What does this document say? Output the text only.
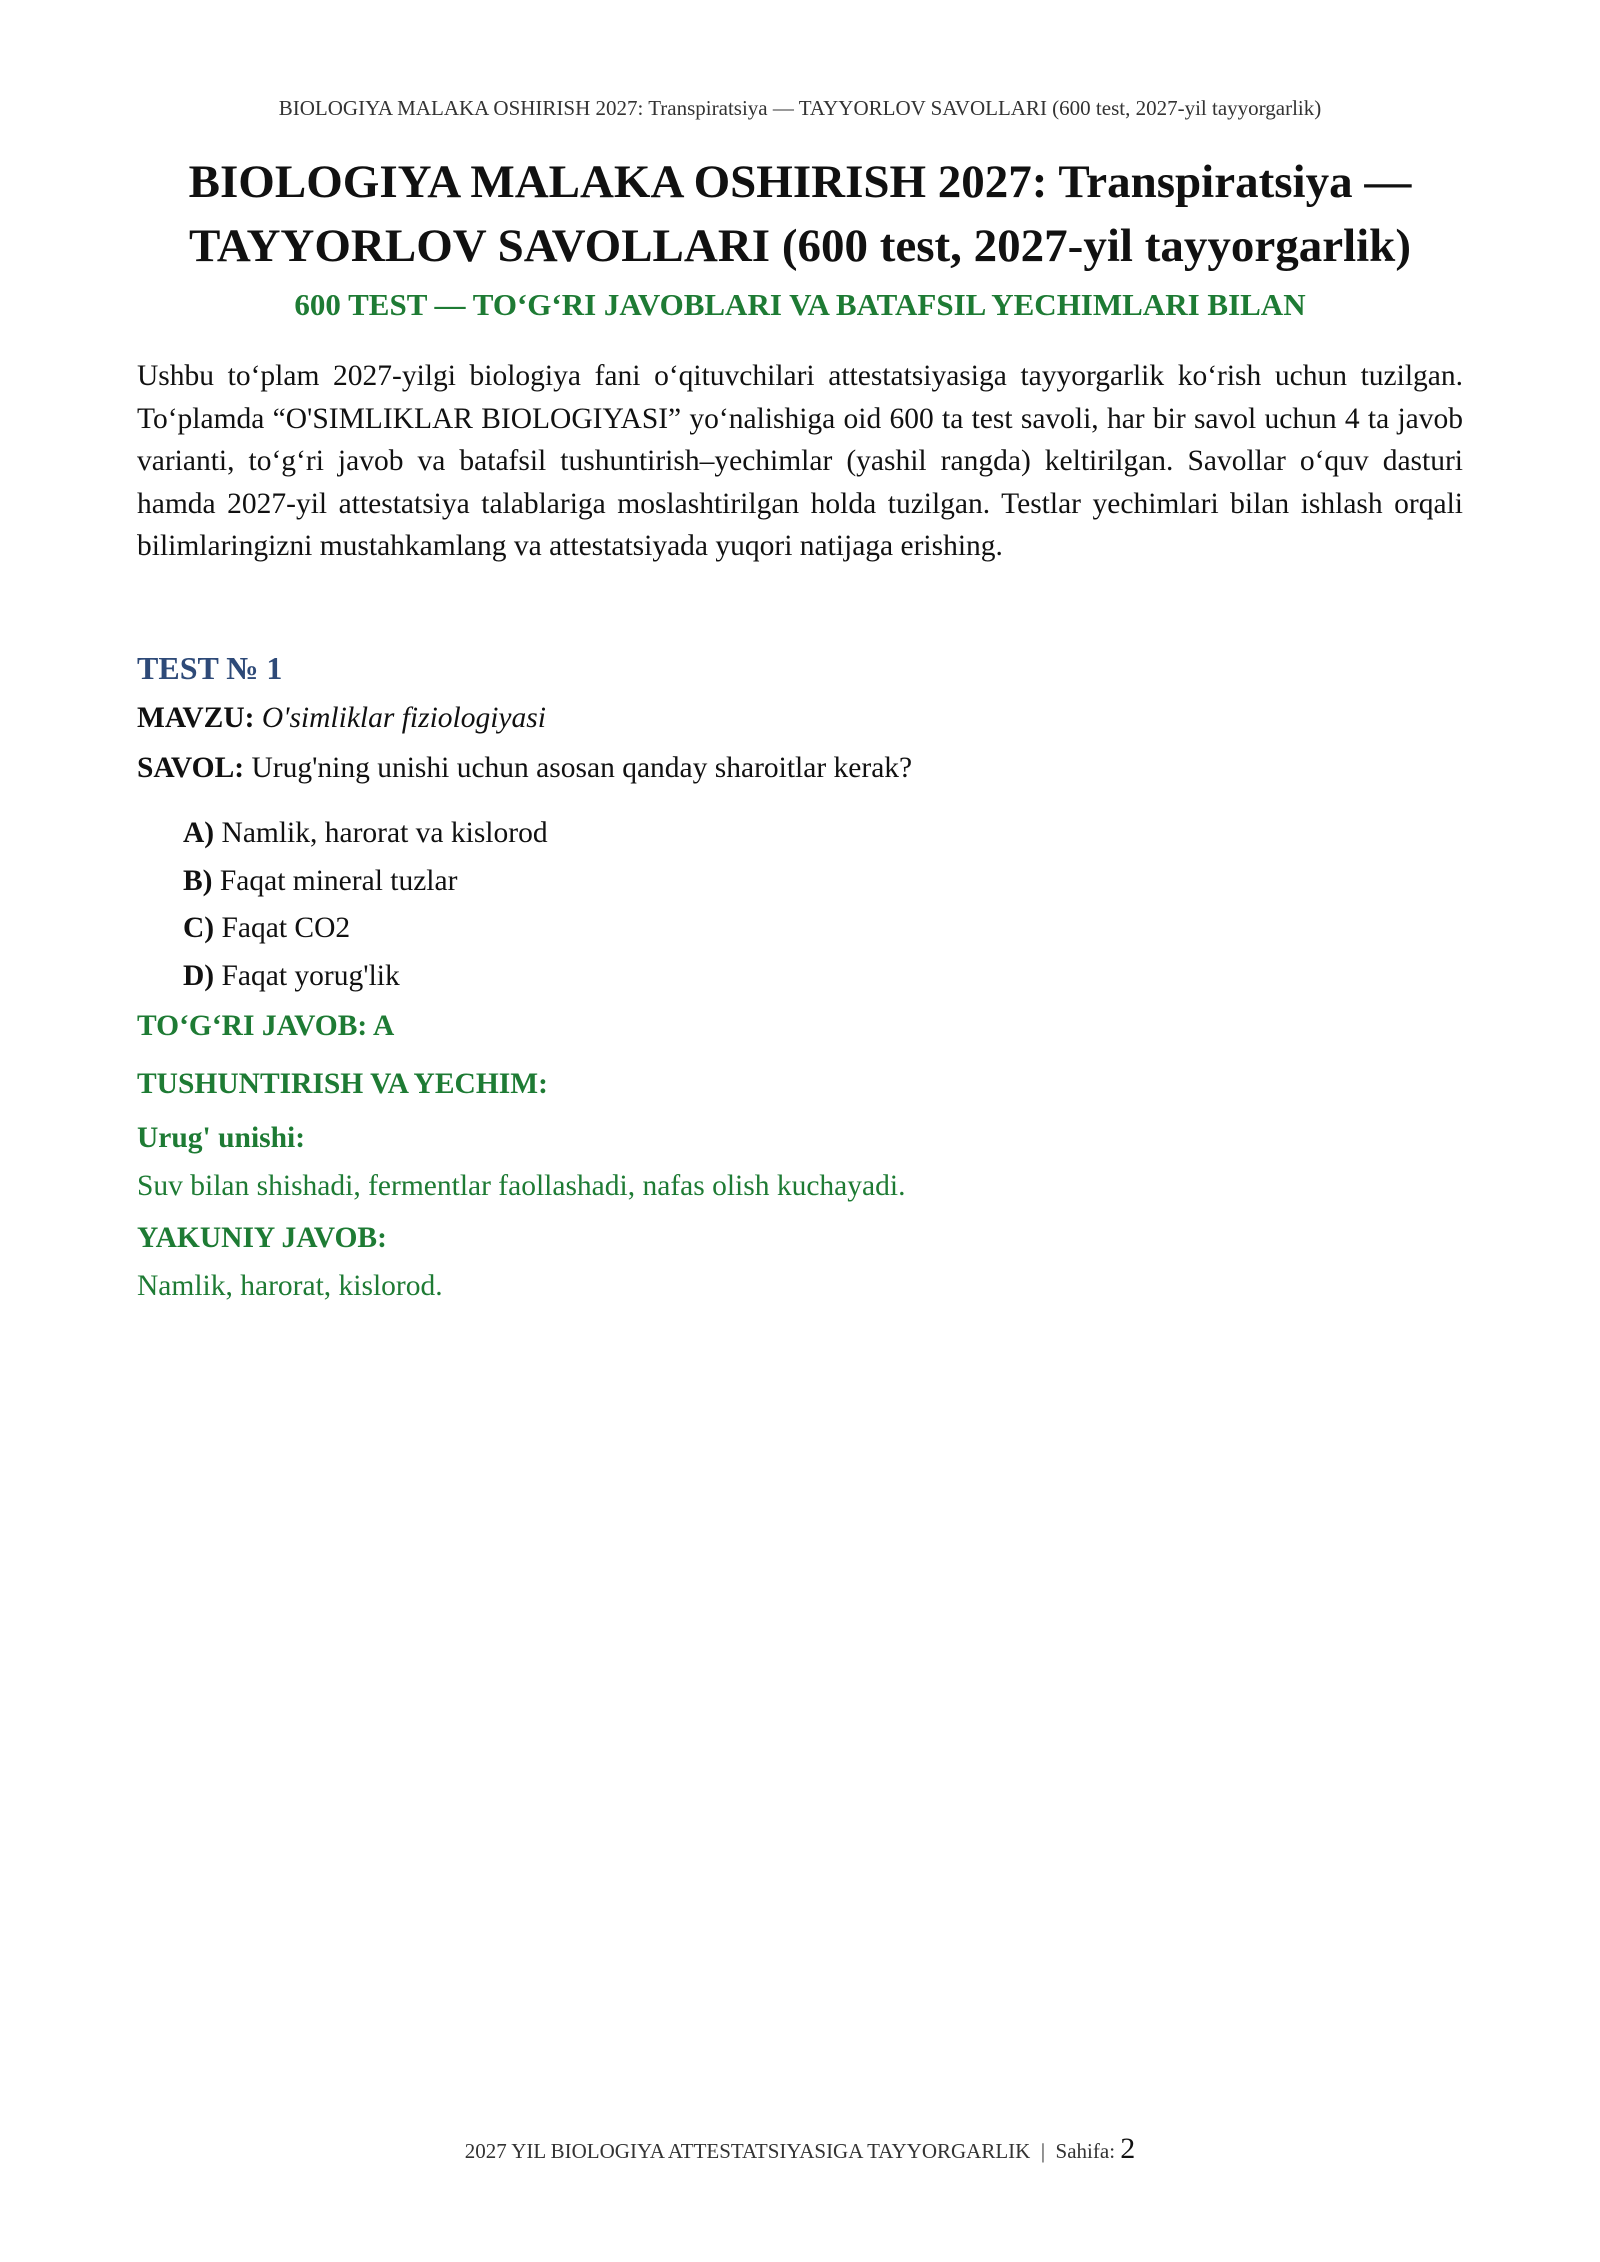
BIOLOGIYA MALAKA OSHIRISH 2027: Transpiratsiya — TAYYORLOV SAVOLLARI (600 test, 2027-yil tayyorgarlik)
BIOLOGIYA MALAKA OSHIRISH 2027: Transpiratsiya —
TAYYORLOV SAVOLLARI (600 test, 2027-yil tayyorgarlik)
600 TEST — TO‘G‘RI JAVOBLARI VA BATAFSIL YECHIMLARI BILAN
Ushbu to‘plam 2027-yilgi biologiya fani o‘qituvchilari attestatsiyasiga tayyorgarlik ko‘rish uchun tuzilgan. To‘plamda “O'SIMLIKLAR BIOLOGIYASI” yo‘nalishiga oid 600 ta test savoli, har bir savol uchun 4 ta javob varianti, to‘g‘ri javob va batafsil tushuntirish–yechimlar (yashil rangda) keltirilgan. Savollar o‘quv dasturi hamda 2027-yil attestatsiya talablariga moslashtirilgan holda tuzilgan. Testlar yechimlari bilan ishlash orqali bilimlaringizni mustahkamlang va attestatsiyada yuqori natijaga erishing.
TEST № 1
MAVZU: O'simliklar fiziologiyasi
SAVOL: Urug'ning unishi uchun asosan qanday sharoitlar kerak?
A) Namlik, harorat va kislorod
B) Faqat mineral tuzlar
C) Faqat CO2
D) Faqat yorug'lik
TO‘G‘RI JAVOB: A
TUSHUNTIRISH VA YECHIM:
Urug' unishi:
Suv bilan shishadi, fermentlar faollashadi, nafas olish kuchayadi.
YAKUNIY JAVOB:
Namlik, harorat, kislorod.
2027 YIL BIOLOGIYA ATTESTATSIYASIGA TAYYORGARLIK | Sahifa: 2
